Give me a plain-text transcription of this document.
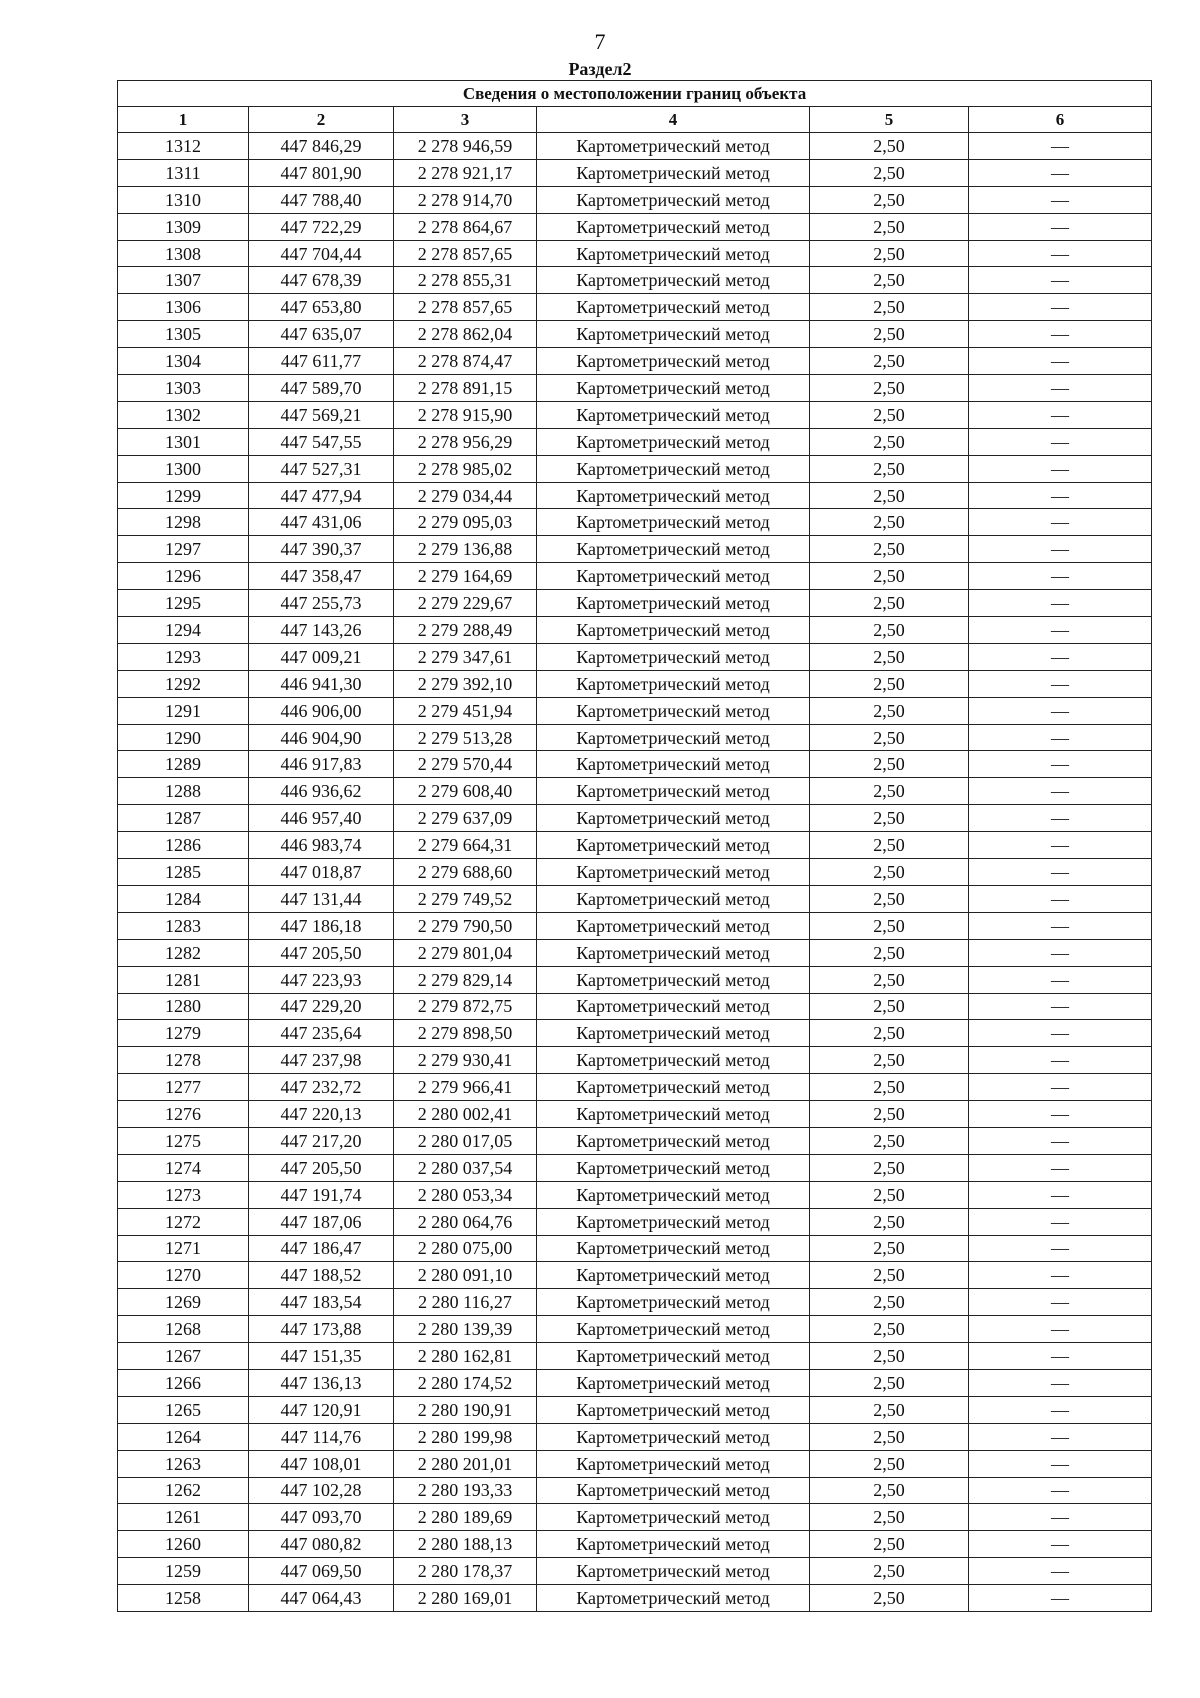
7
Раздел2
Сведения о местоположении границ объекта					
1	2	3	4	5	6
1312	447 846,29	2 278 946,59	Картометрический метод	2,50	—
1311	447 801,90	2 278 921,17	Картометрический метод	2,50	—
1310	447 788,40	2 278 914,70	Картометрический метод	2,50	—
1309	447 722,29	2 278 864,67	Картометрический метод	2,50	—
1308	447 704,44	2 278 857,65	Картометрический метод	2,50	—
1307	447 678,39	2 278 855,31	Картометрический метод	2,50	—
1306	447 653,80	2 278 857,65	Картометрический метод	2,50	—
1305	447 635,07	2 278 862,04	Картометрический метод	2,50	—
1304	447 611,77	2 278 874,47	Картометрический метод	2,50	—
1303	447 589,70	2 278 891,15	Картометрический метод	2,50	—
1302	447 569,21	2 278 915,90	Картометрический метод	2,50	—
1301	447 547,55	2 278 956,29	Картометрический метод	2,50	—
1300	447 527,31	2 278 985,02	Картометрический метод	2,50	—
1299	447 477,94	2 279 034,44	Картометрический метод	2,50	—
1298	447 431,06	2 279 095,03	Картометрический метод	2,50	—
1297	447 390,37	2 279 136,88	Картометрический метод	2,50	—
1296	447 358,47	2 279 164,69	Картометрический метод	2,50	—
1295	447 255,73	2 279 229,67	Картометрический метод	2,50	—
1294	447 143,26	2 279 288,49	Картометрический метод	2,50	—
1293	447 009,21	2 279 347,61	Картометрический метод	2,50	—
1292	446 941,30	2 279 392,10	Картометрический метод	2,50	—
1291	446 906,00	2 279 451,94	Картометрический метод	2,50	—
1290	446 904,90	2 279 513,28	Картометрический метод	2,50	—
1289	446 917,83	2 279 570,44	Картометрический метод	2,50	—
1288	446 936,62	2 279 608,40	Картометрический метод	2,50	—
1287	446 957,40	2 279 637,09	Картометрический метод	2,50	—
1286	446 983,74	2 279 664,31	Картометрический метод	2,50	—
1285	447 018,87	2 279 688,60	Картометрический метод	2,50	—
1284	447 131,44	2 279 749,52	Картометрический метод	2,50	—
1283	447 186,18	2 279 790,50	Картометрический метод	2,50	—
1282	447 205,50	2 279 801,04	Картометрический метод	2,50	—
1281	447 223,93	2 279 829,14	Картометрический метод	2,50	—
1280	447 229,20	2 279 872,75	Картометрический метод	2,50	—
1279	447 235,64	2 279 898,50	Картометрический метод	2,50	—
1278	447 237,98	2 279 930,41	Картометрический метод	2,50	—
1277	447 232,72	2 279 966,41	Картометрический метод	2,50	—
1276	447 220,13	2 280 002,41	Картометрический метод	2,50	—
1275	447 217,20	2 280 017,05	Картометрический метод	2,50	—
1274	447 205,50	2 280 037,54	Картометрический метод	2,50	—
1273	447 191,74	2 280 053,34	Картометрический метод	2,50	—
1272	447 187,06	2 280 064,76	Картометрический метод	2,50	—
1271	447 186,47	2 280 075,00	Картометрический метод	2,50	—
1270	447 188,52	2 280 091,10	Картометрический метод	2,50	—
1269	447 183,54	2 280 116,27	Картометрический метод	2,50	—
1268	447 173,88	2 280 139,39	Картометрический метод	2,50	—
1267	447 151,35	2 280 162,81	Картометрический метод	2,50	—
1266	447 136,13	2 280 174,52	Картометрический метод	2,50	—
1265	447 120,91	2 280 190,91	Картометрический метод	2,50	—
1264	447 114,76	2 280 199,98	Картометрический метод	2,50	—
1263	447 108,01	2 280 201,01	Картометрический метод	2,50	—
1262	447 102,28	2 280 193,33	Картометрический метод	2,50	—
1261	447 093,70	2 280 189,69	Картометрический метод	2,50	—
1260	447 080,82	2 280 188,13	Картометрический метод	2,50	—
1259	447 069,50	2 280 178,37	Картометрический метод	2,50	—
1258	447 064,43	2 280 169,01	Картометрический метод	2,50	—
